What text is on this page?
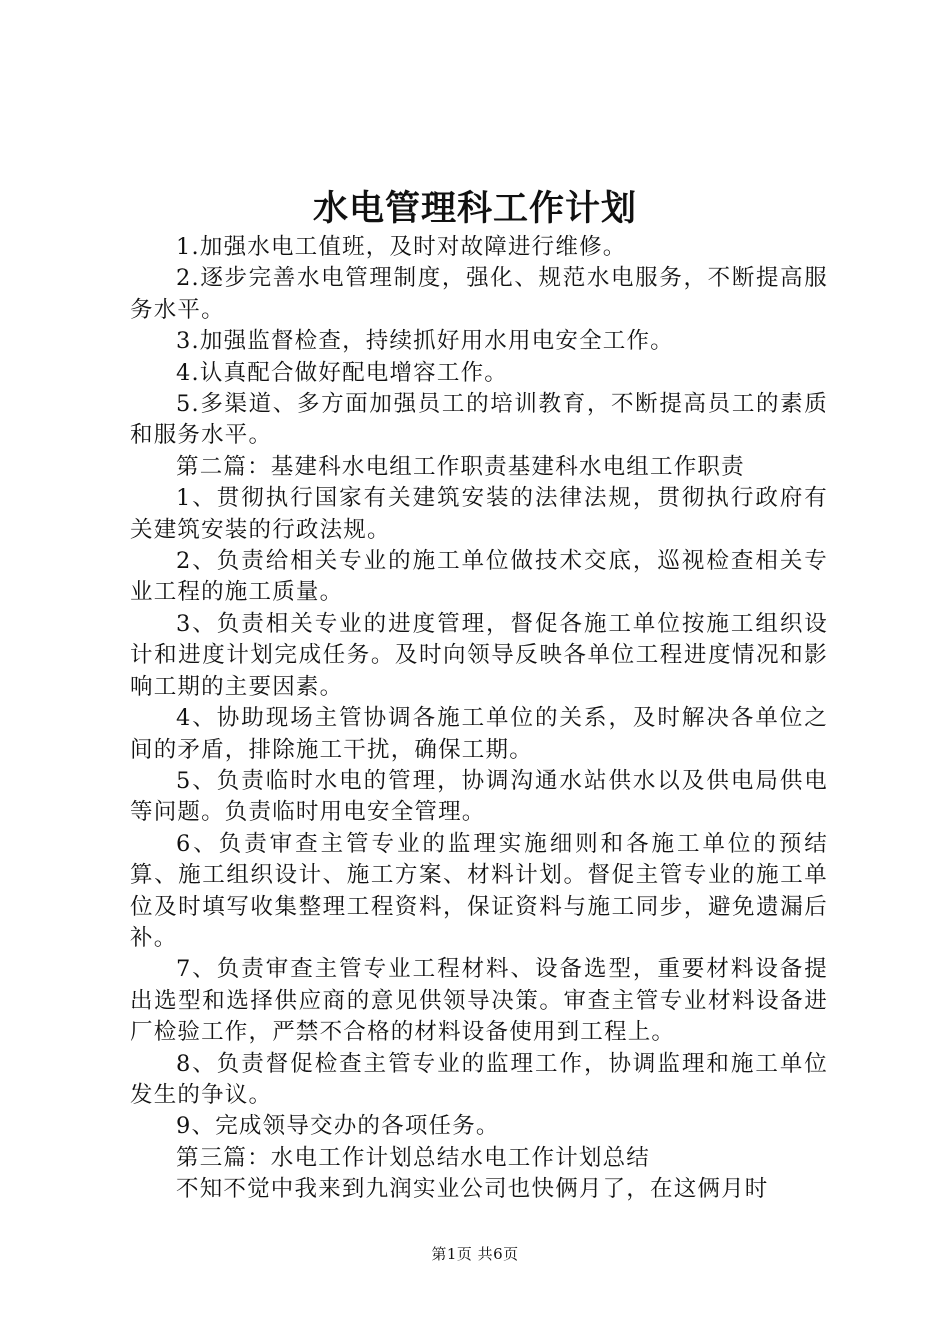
水电管理科工作计划

1.加强水电工值班，及时对故障进行维修。

2.逐步完善水电管理制度，强化、规范水电服务，不断提高服务水平。

3.加强监督检查，持续抓好用水用电安全工作。

4.认真配合做好配电增容工作。

5.多渠道、多方面加强员工的培训教育，不断提高员工的素质和服务水平。

第二篇：基建科水电组工作职责基建科水电组工作职责

1、贯彻执行国家有关建筑安装的法律法规，贯彻执行政府有关建筑安装的行政法规。

2、负责给相关专业的施工单位做技术交底，巡视检查相关专业工程的施工质量。

3、负责相关专业的进度管理，督促各施工单位按施工组织设计和进度计划完成任务。及时向领导反映各单位工程进度情况和影响工期的主要因素。

4、协助现场主管协调各施工单位的关系，及时解决各单位之间的矛盾，排除施工干扰，确保工期。

5、负责临时水电的管理，协调沟通水站供水以及供电局供电等问题。负责临时用电安全管理。

6、负责审查主管专业的监理实施细则和各施工单位的预结算、施工组织设计、施工方案、材料计划。督促主管专业的施工单位及时填写收集整理工程资料，保证资料与施工同步，避免遗漏后补。

7、负责审查主管专业工程材料、设备选型，重要材料设备提出选型和选择供应商的意见供领导决策。审查主管专业材料设备进厂检验工作，严禁不合格的材料设备使用到工程上。

8、负责督促检查主管专业的监理工作，协调监理和施工单位发生的争议。

9、完成领导交办的各项任务。

第三篇：水电工作计划总结水电工作计划总结

不知不觉中我来到九润实业公司也快俩月了，在这俩月时

第1页 共6页
